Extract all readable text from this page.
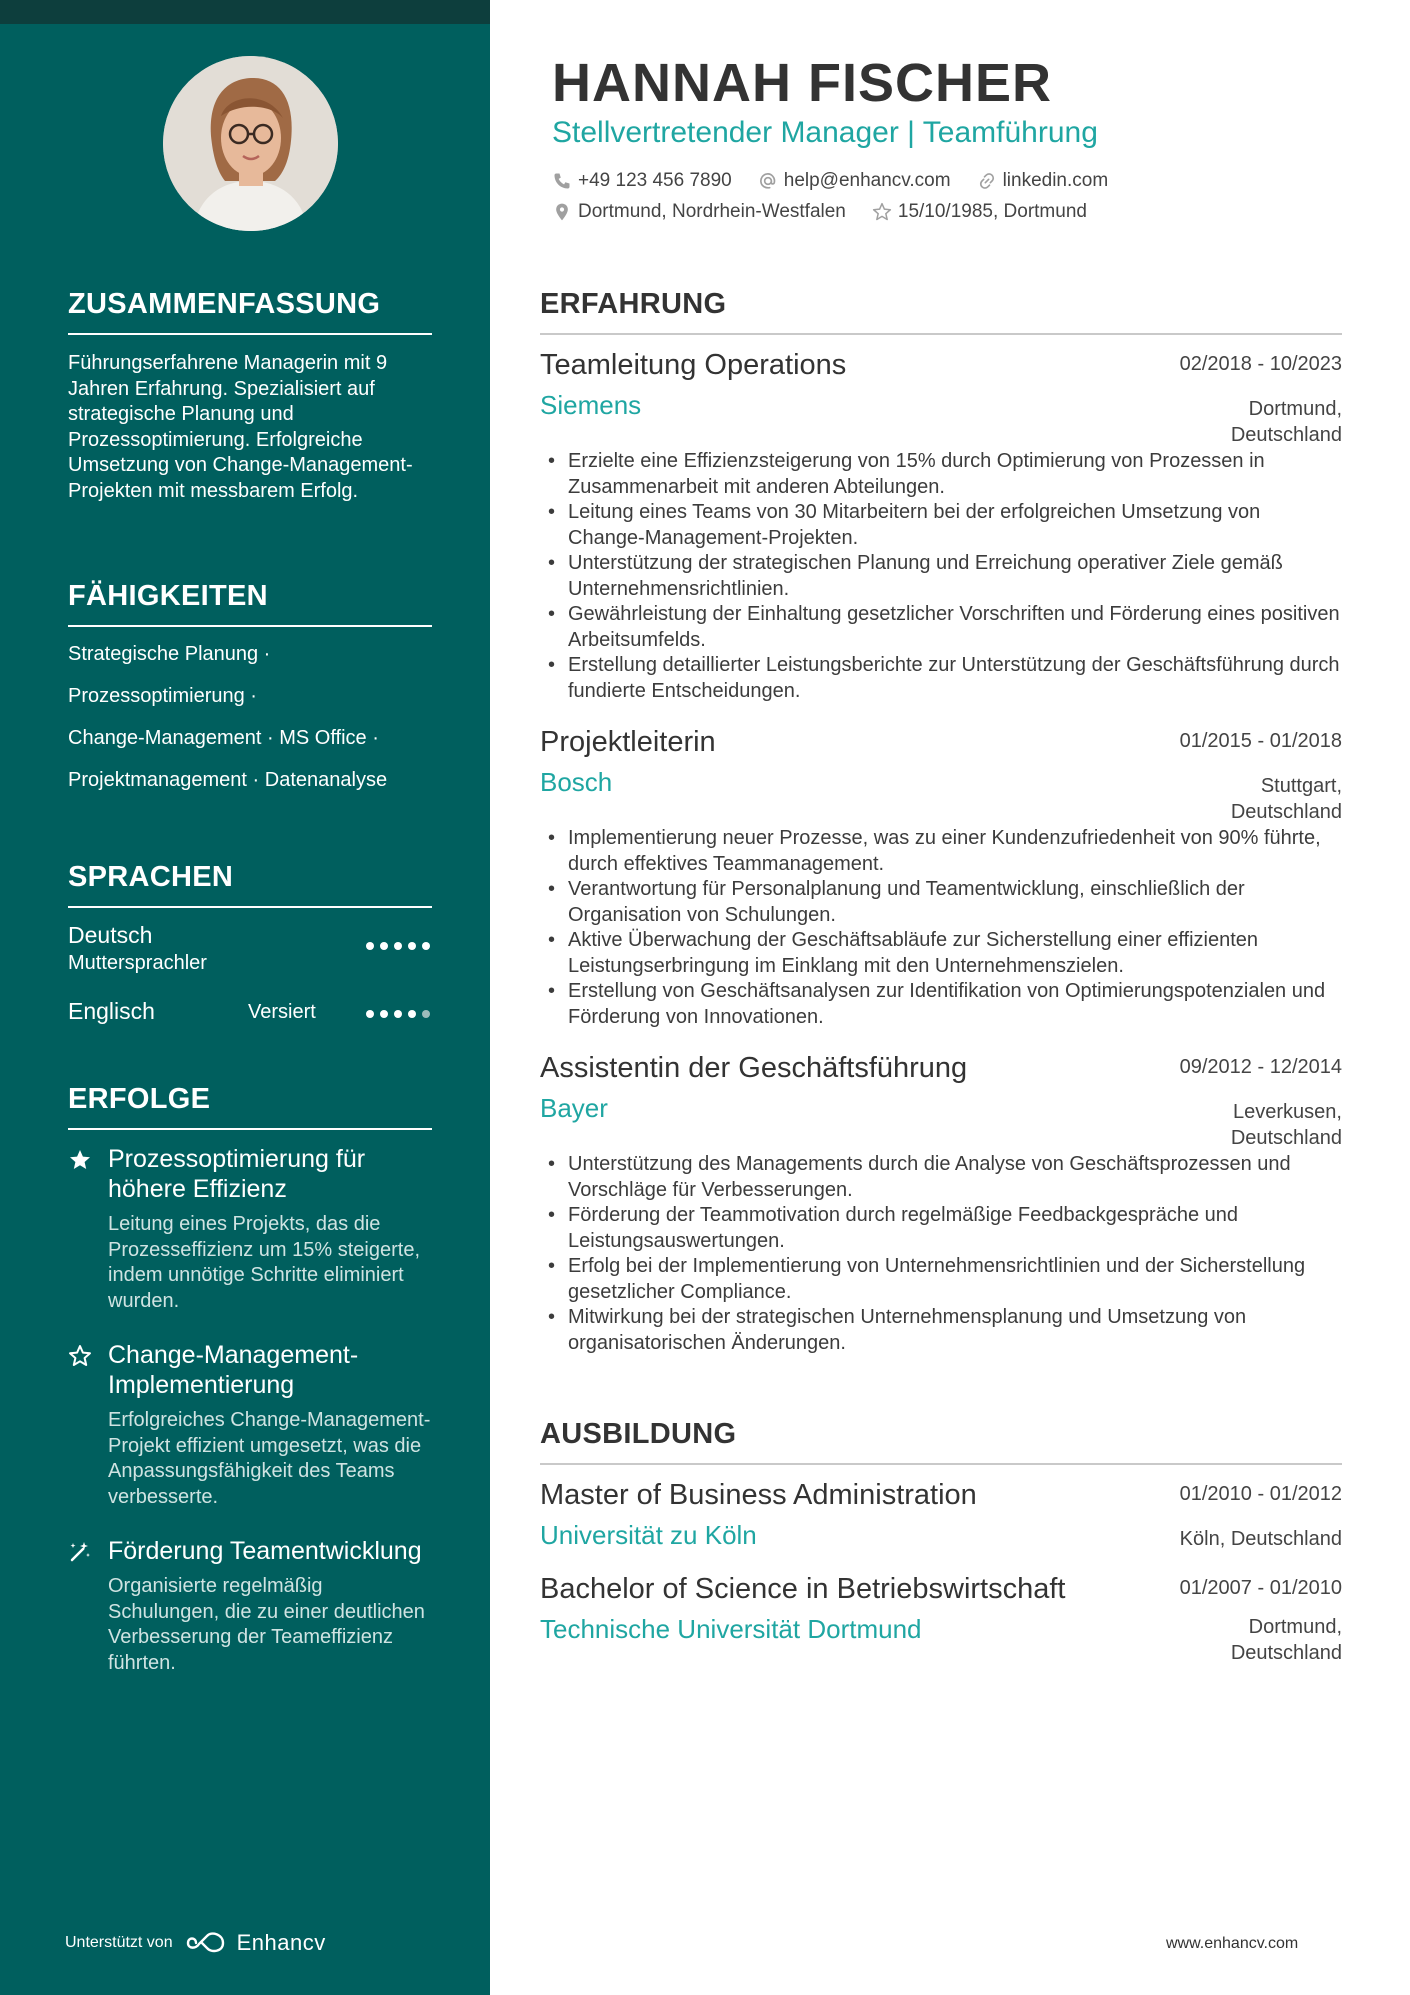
ZUSAMMENFASSUNG

Führungserfahrene Managerin mit 9 Jahren Erfahrung. Spezialisiert auf strategische Planung und Prozessoptimierung. Erfolgreiche Umsetzung von Change-Management-Projekten mit messbarem Erfolg.

FÄHIGKEITEN
Strategische Planung ·
Prozessoptimierung ·
Change-Management · MS Office ·
Projektmanagement · Datenanalyse
SPRACHEN
Deutsch
Muttersprachler
Englisch	Versiert
ERFOLGE
Prozessoptimierung für höhere Effizienz
Leitung eines Projekts, das die Prozesseffizienz um 15% steigerte, indem unnötige Schritte eliminiert wurden.
Change-Management-Implementierung
Erfolgreiches Change-Management-Projekt effizient umgesetzt, was die Anpassungsfähigkeit des Teams verbesserte.
Förderung Teamentwicklung
Organisierte regelmäßig Schulungen, die zu einer deutlichen Verbesserung der Teameffizienz führten.
Unterstützt von	Enhancv
HANNAH FISCHER
Stellvertretender Manager | Teamführung
+49 123 456 7890	help@enhancv.com	linkedin.com
Dortmund, Nordrhein-Westfalen	15/10/1985, Dortmund
ERFAHRUNG
Teamleitung Operations	02/2018 - 10/2023
Siemens	Dortmund,
Deutschland
• Erzielte eine Effizienzsteigerung von 15% durch Optimierung von Prozessen in Zusammenarbeit mit anderen Abteilungen.
• Leitung eines Teams von 30 Mitarbeitern bei der erfolgreichen Umsetzung von Change-Management-Projekten.
• Unterstützung der strategischen Planung und Erreichung operativer Ziele gemäß Unternehmensrichtlinien.
• Gewährleistung der Einhaltung gesetzlicher Vorschriften und Förderung eines positiven Arbeitsumfelds.
• Erstellung detaillierter Leistungsberichte zur Unterstützung der Geschäftsführung durch fundierte Entscheidungen.
Projektleiterin	01/2015 - 01/2018
Bosch	Stuttgart,
Deutschland
• Implementierung neuer Prozesse, was zu einer Kundenzufriedenheit von 90% führte, durch effektives Teammanagement.
• Verantwortung für Personalplanung und Teamentwicklung, einschließlich der Organisation von Schulungen.
• Aktive Überwachung der Geschäftsabläufe zur Sicherstellung einer effizienten Leistungserbringung im Einklang mit den Unternehmenszielen.
• Erstellung von Geschäftsanalysen zur Identifikation von Optimierungspotenzialen und Förderung von Innovationen.
Assistentin der Geschäftsführung	09/2012 - 12/2014
Bayer	Leverkusen,
Deutschland
• Unterstützung des Managements durch die Analyse von Geschäftsprozessen und Vorschläge für Verbesserungen.
• Förderung der Teammotivation durch regelmäßige Feedbackgespräche und Leistungsauswertungen.
• Erfolg bei der Implementierung von Unternehmensrichtlinien und der Sicherstellung gesetzlicher Compliance.
• Mitwirkung bei der strategischen Unternehmensplanung und Umsetzung von organisatorischen Änderungen.
AUSBILDUNG
Master of Business Administration	01/2010 - 01/2012
Universität zu Köln	Köln, Deutschland
Bachelor of Science in Betriebswirtschaft	01/2007 - 01/2010
Technische Universität Dortmund	Dortmund,
Deutschland
www.enhancv.com
